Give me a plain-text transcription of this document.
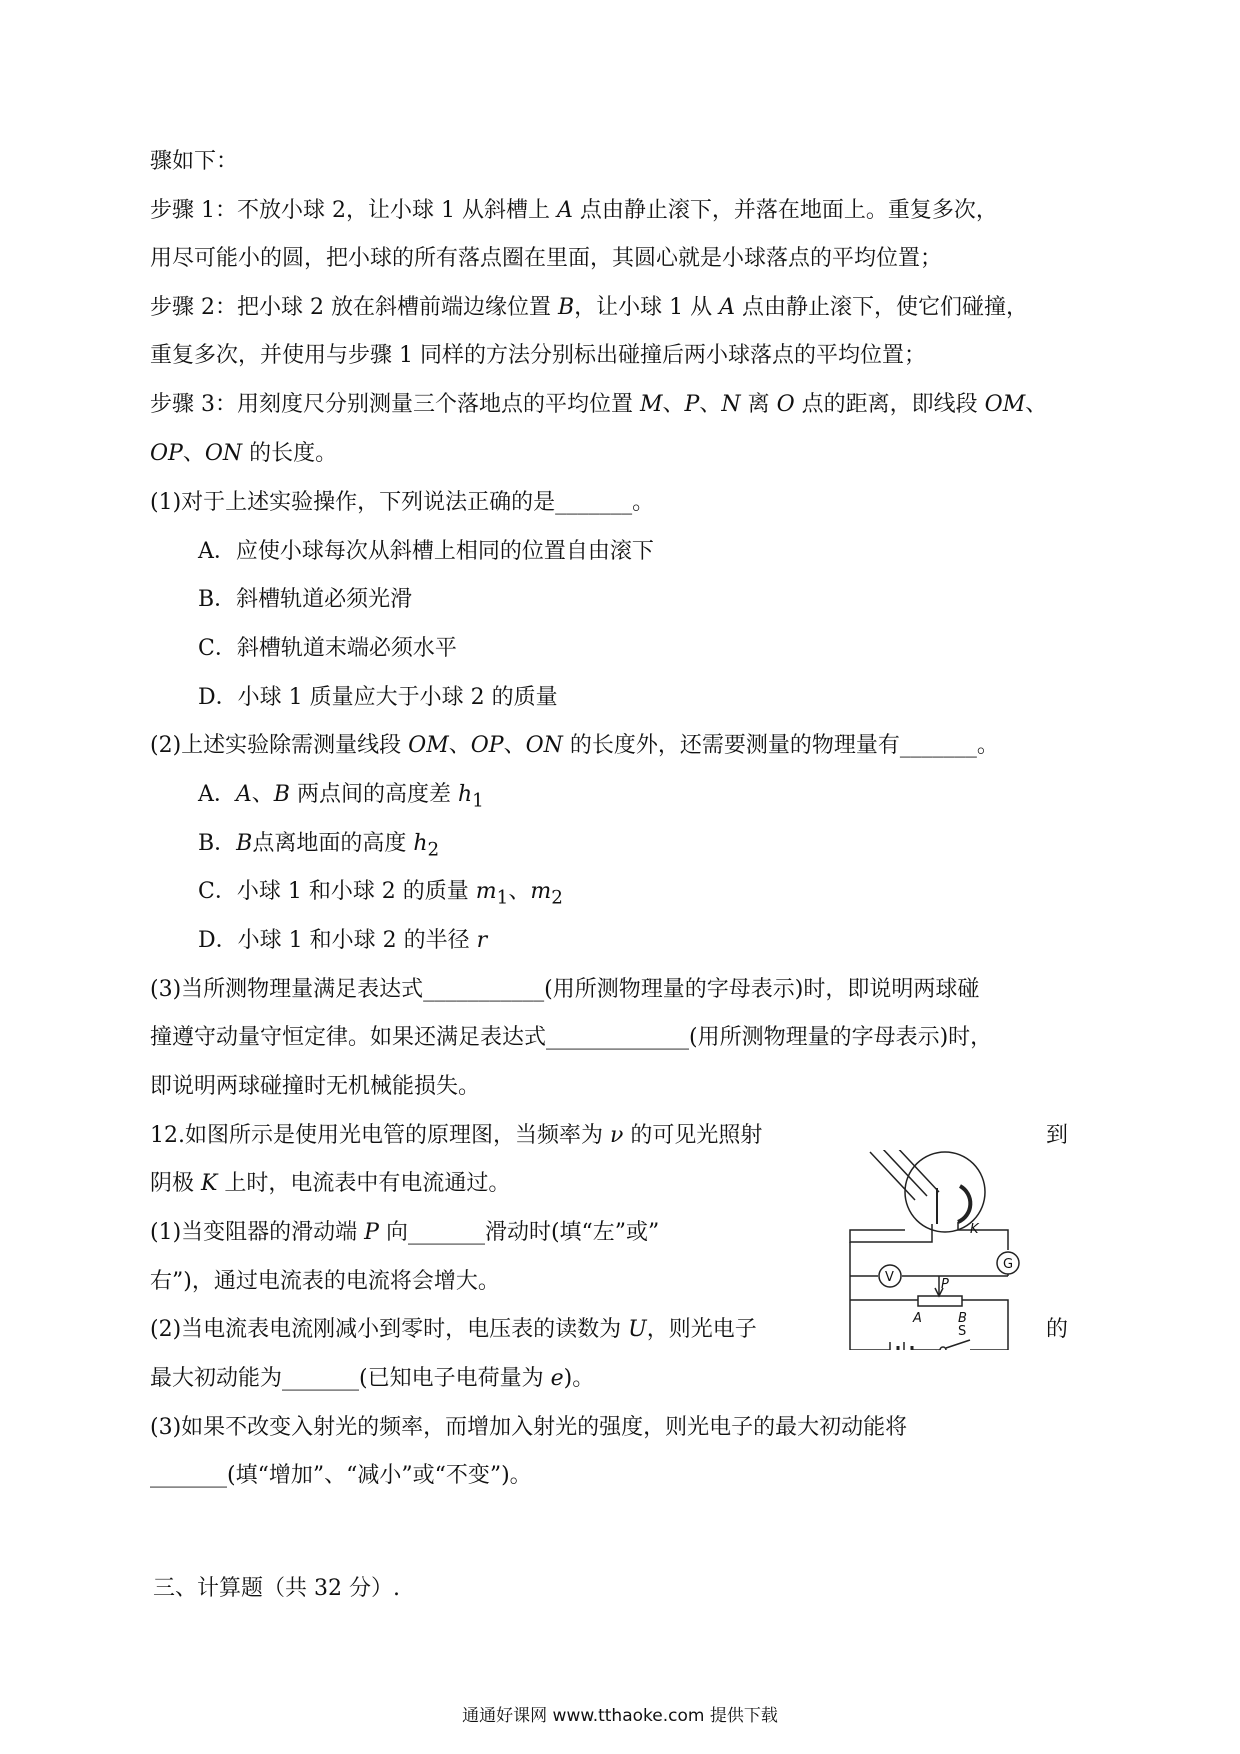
骤如下：
步骤 1：不放小球 2，让小球 1 从斜槽上 A 点由静止滚下，并落在地面上。重复多次，
用尽可能小的圆，把小球的所有落点圈在里面，其圆心就是小球落点的平均位置；
步骤 2：把小球 2 放在斜槽前端边缘位置 B，让小球 1 从 A 点由静止滚下，使它们碰撞，
重复多次，并使用与步骤 1 同样的方法分别标出碰撞后两小球落点的平均位置；
步骤 3：用刻度尺分别测量三个落地点的平均位置 M、P、N 离 O 点的距离，即线段 OM、
OP、ON 的长度。
(1)对于上述实验操作，下列说法正确的是_______。
A．应使小球每次从斜槽上相同的位置自由滚下
B．斜槽轨道必须光滑
C．斜槽轨道末端必须水平
D．小球 1 质量应大于小球 2 的质量
(2)上述实验除需测量线段 OM、OP、ON 的长度外，还需要测量的物理量有_______。
A．A、B 两点间的高度差 $h_1$
B．B点离地面的高度 $h_2$
C．小球 1 和小球 2 的质量 $m_1$、$m_2$
D．小球 1 和小球 2 的半径 r
(3)当所测物理量满足表达式___________(用所测物理量的字母表示)时，即说明两球碰
撞遵守动量守恒定律。如果还满足表达式_____________(用所测物理量的字母表示)时，
即说明两球碰撞时无机械能损失。
12.如图所示是使用光电管的原理图，当频率为 ν 的可见光照射	到
阴极 K 上时，电流表中有电流通过。
(1)当变阻器的滑动端 P 向_______滑动时(填“左”或”
右”)，通过电流表的电流将会增大。
(2)当电流表电流刚减小到零时，电压表的读数为 U，则光电子	的
最大初动能为_______(已知电子电荷量为 e)。
(3)如果不改变入射光的频率，而增加入射光的强度，则光电子的最大初动能将
_______(填“增加”、“减小”或“不变”)。
三、计算题（共 32 分）.
K
G
V	P
A	B
S
通通好课网 www.tthaoke.com 提供下载
